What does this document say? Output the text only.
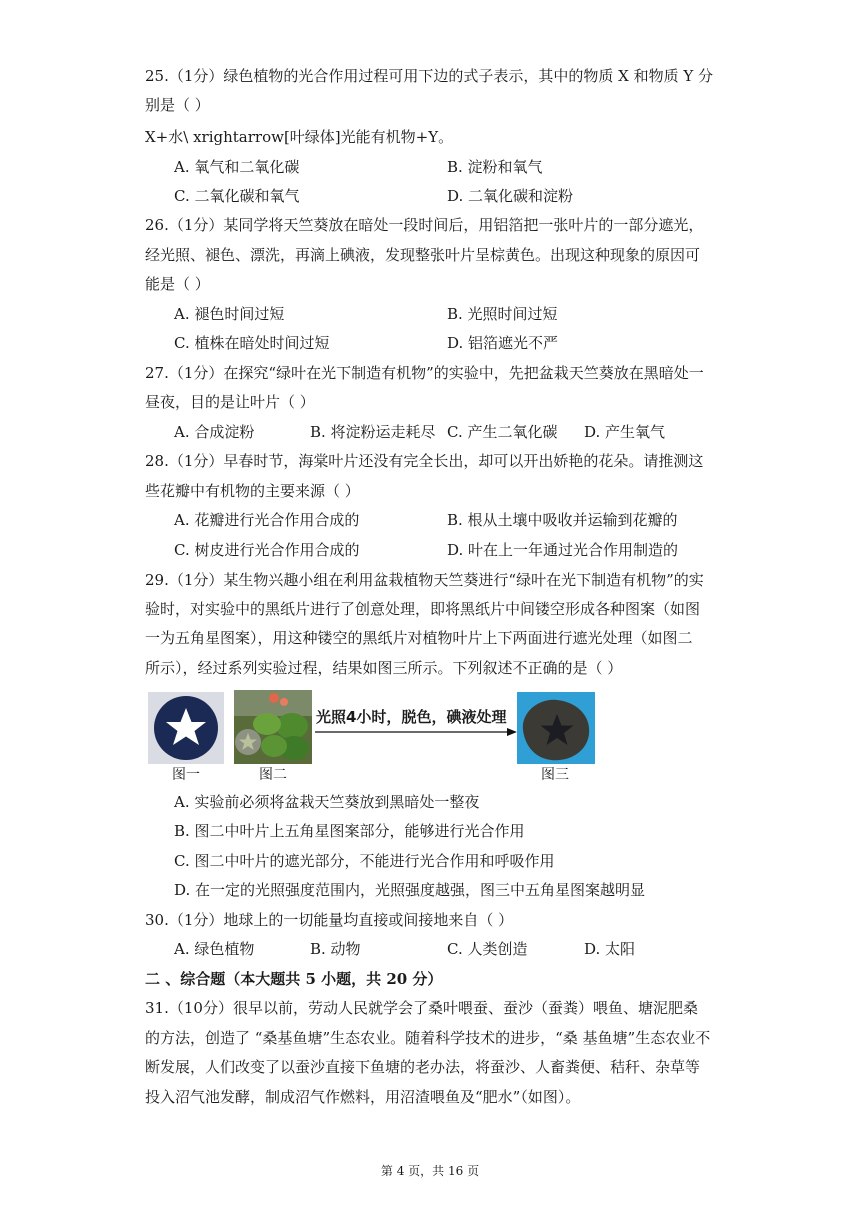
25.（1分）绿色植物的光合作用过程可用下边的式子表示，其中的物质 X 和物质 Y 分
别是（ ）
X+水\ xrightarrow[叶绿体]光能有机物+Y。
A. 氧气和二氧化碳	B. 淀粉和氧气
C. 二氧化碳和氧气	D. 二氧化碳和淀粉
26.（1分）某同学将天竺葵放在暗处一段时间后，用铝箔把一张叶片的一部分遮光，
经光照、褪色、漂洗，再滴上碘液，发现整张叶片呈棕黄色。出现这种现象的原因可
能是（ ）
A. 褪色时间过短	B. 光照时间过短
C. 植株在暗处时间过短	D. 铝箔遮光不严
27.（1分）在探究“绿叶在光下制造有机物”的实验中，先把盆栽天竺葵放在黑暗处一
昼夜，目的是让叶片（ ）
A. 合成淀粉	B. 将淀粉运走耗尽 C. 产生二氧化碳 D. 产生氧气
28.（1分）早春时节，海棠叶片还没有完全长出，却可以开出娇艳的花朵。请推测这
些花瓣中有机物的主要来源（ ）
A. 花瓣进行光合作用合成的	B. 根从土壤中吸收并运输到花瓣的
C. 树皮进行光合作用合成的	D. 叶在上一年通过光合作用制造的
29.（1分）某生物兴趣小组在利用盆栽植物天竺葵进行“绿叶在光下制造有机物”的实
验时，对实验中的黑纸片进行了创意处理，即将黑纸片中间镂空形成各种图案（如图
一为五角星图案），用这种镂空的黑纸片对植物叶片上下两面进行遮光处理（如图二
所示），经过系列实验过程，结果如图三所示。下列叙述不正确的是（ ）
图一	图二
光照4小时，脱色，碘液处理
图三
A. 实验前必须将盆栽天竺葵放到黑暗处一整夜
B. 图二中叶片上五角星图案部分，能够进行光合作用
C. 图二中叶片的遮光部分，不能进行光合作用和呼吸作用
D. 在一定的光照强度范围内，光照强度越强，图三中五角星图案越明显
30.（1分）地球上的一切能量均直接或间接地来自（ ）
A. 绿色植物	B. 动物	C. 人类创造	D. 太阳
二 、综合题（本大题共 5 小题，共 20 分）
31.（10分）很早以前，劳动人民就学会了桑叶喂蚕、蚕沙（蚕粪）喂鱼、塘泥肥桑
的方法，创造了 “桑基鱼塘”生态农业。随着科学技术的进步，“桑 基鱼塘”生态农业不
断发展，人们改变了以蚕沙直接下鱼塘的老办法，将蚕沙、人畜粪便、秸秆、杂草等
投入沼气池发酵，制成沼气作燃料，用沼渣喂鱼及“肥水”（如图）。
第 4 页，共 16 页
